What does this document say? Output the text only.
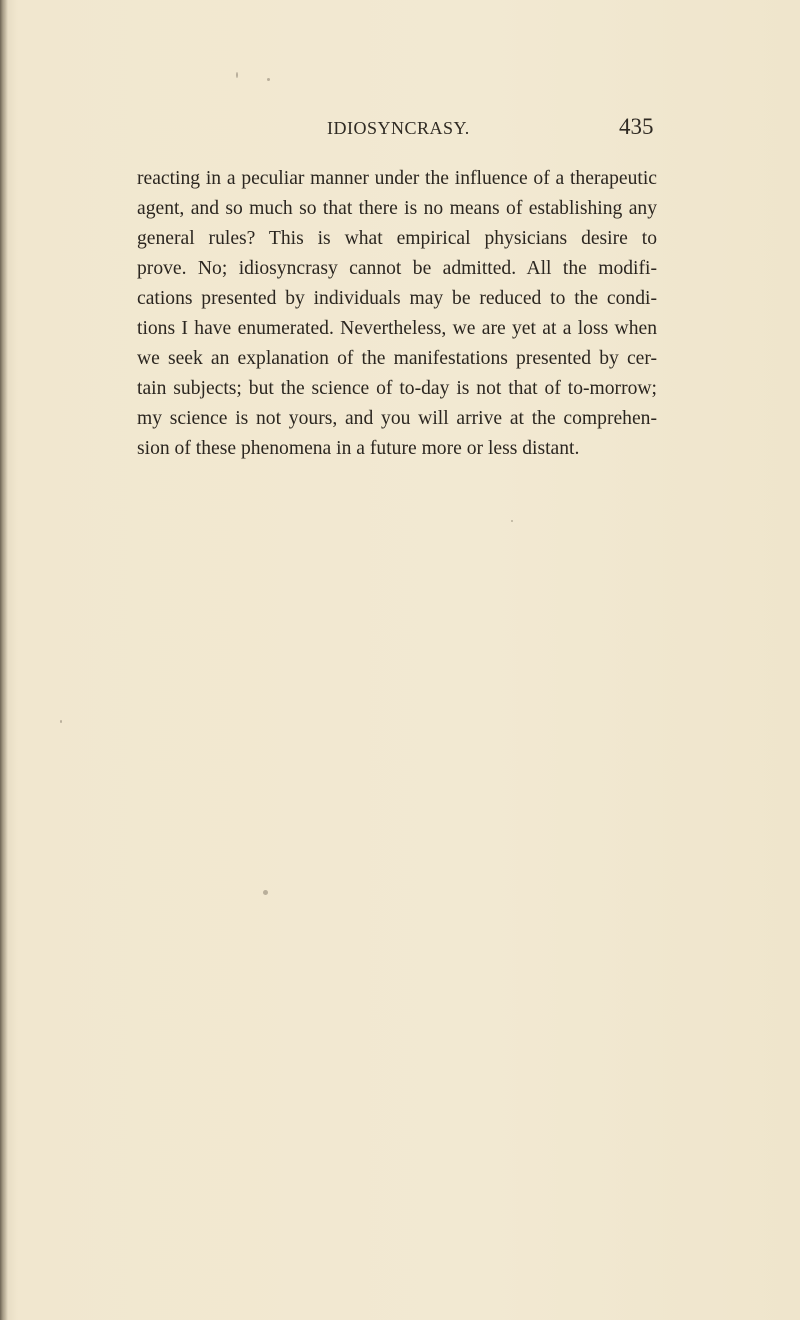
IDIOSYNCRASY.	435
reacting in a peculiar manner under the influence of a therapeutic
agent, and so much so that there is no means of establishing any
general rules? This is what empirical physicians desire to
prove. No; idiosyncrasy cannot be admitted. All the modifi-
cations presented by individuals may be reduced to the condi-
tions I have enumerated. Nevertheless, we are yet at a loss when
we seek an explanation of the manifestations presented by cer-
tain subjects; but the science of to-day is not that of to-morrow;
my science is not yours, and you will arrive at the comprehen-
sion of these phenomena in a future more or less distant.
